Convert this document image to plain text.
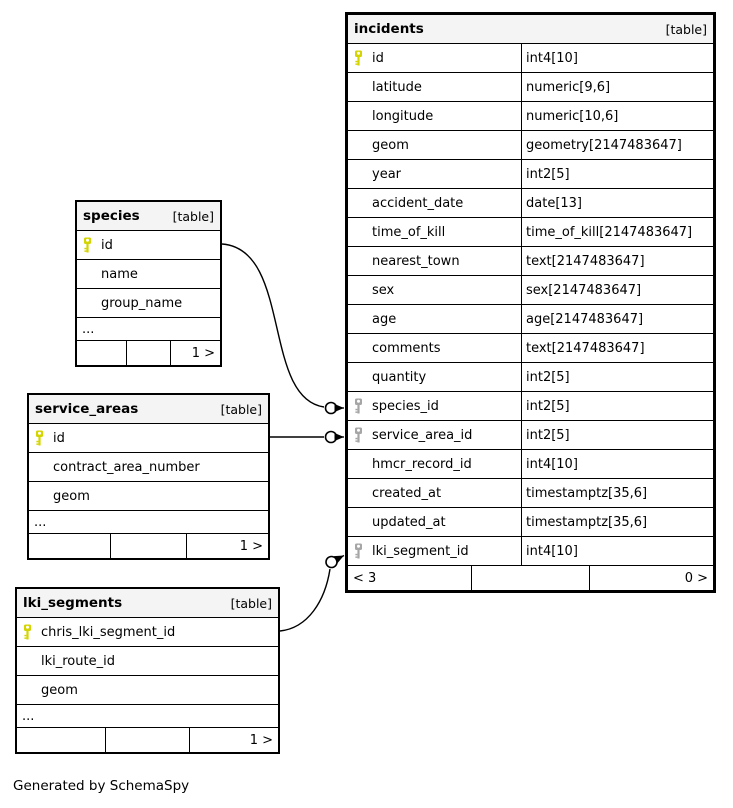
incidents	[table]
id	int4[10]
latitude	numeric[9,6]
longitude	numeric[10,6]
geom	geometry[2147483647]
year	int2[5]
accident_date	date[13]
time_of_kill	time_of_kill[2147483647]
nearest_town	text[2147483647]
sex	sex[2147483647]
age	age[2147483647]
comments	text[2147483647]
quantity	int2[5]
species_id	int2[5]
service_area_id	int2[5]
hmcr_record_id	int4[10]
created_at	timestamptz[35,6]
updated_at	timestamptz[35,6]
lki_segment_id	int4[10]
< 3	0 >
species	[table]
id
name
group_name
...
1 >
service_areas	[table]
id
contract_area_number
geom
...
1 >
lki_segments	[table]
chris_lki_segment_id
lki_route_id
geom
...
1 >
Generated by SchemaSpy
